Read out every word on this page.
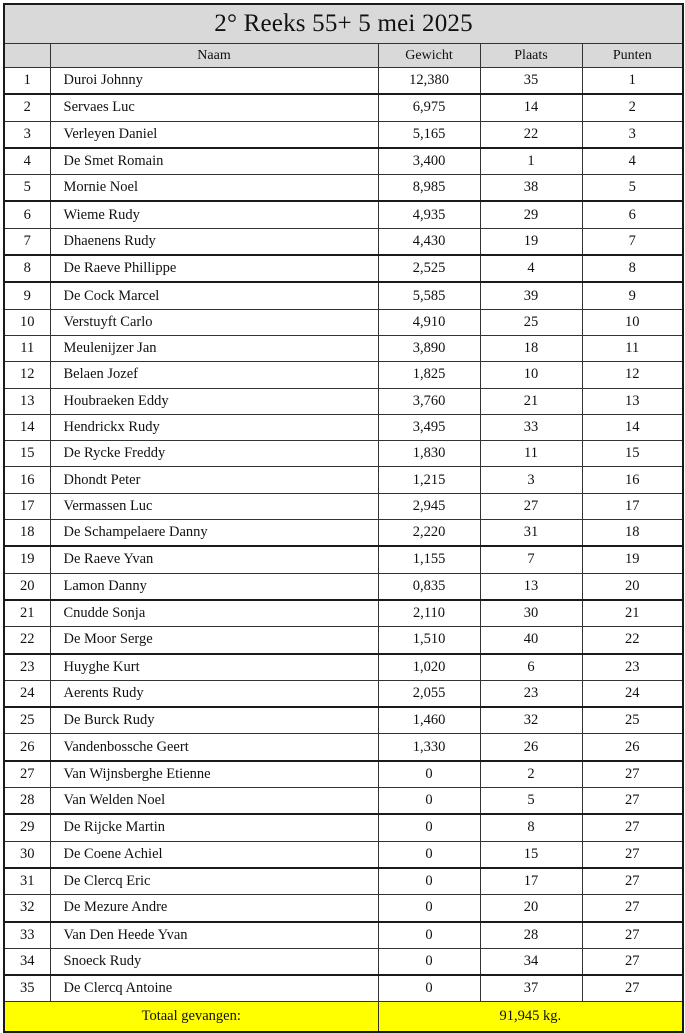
2° Reeks 55+ 5 mei 2025				
	Naam	Gewicht	Plaats	Punten
1	Duroi Johnny	12,380	35	1
2	Servaes Luc	6,975	14	2
3	Verleyen Daniel	5,165	22	3
4	De Smet Romain	3,400	1	4
5	Mornie Noel	8,985	38	5
6	Wieme Rudy	4,935	29	6
7	Dhaenens Rudy	4,430	19	7
8	De Raeve Phillippe	2,525	4	8
9	De Cock Marcel	5,585	39	9
10	Verstuyft Carlo	4,910	25	10
11	Meulenijzer Jan	3,890	18	11
12	Belaen Jozef	1,825	10	12
13	Houbraeken Eddy	3,760	21	13
14	Hendrickx Rudy	3,495	33	14
15	De Rycke Freddy	1,830	11	15
16	Dhondt Peter	1,215	3	16
17	Vermassen Luc	2,945	27	17
18	De Schampelaere Danny	2,220	31	18
19	De Raeve Yvan	1,155	7	19
20	Lamon Danny	0,835	13	20
21	Cnudde Sonja	2,110	30	21
22	De Moor Serge	1,510	40	22
23	Huyghe Kurt	1,020	6	23
24	Aerents Rudy	2,055	23	24
25	De Burck Rudy	1,460	32	25
26	Vandenbossche Geert	1,330	26	26
27	Van Wijnsberghe Etienne	0	2	27
28	Van Welden Noel	0	5	27
29	De Rijcke Martin	0	8	27
30	De Coene Achiel	0	15	27
31	De Clercq Eric	0	17	27
32	De Mezure Andre	0	20	27
33	Van Den Heede Yvan	0	28	27
34	Snoeck Rudy	0	34	27
35	De Clercq Antoine	0	37	27
Totaal gevangen:		91,945 kg.		
